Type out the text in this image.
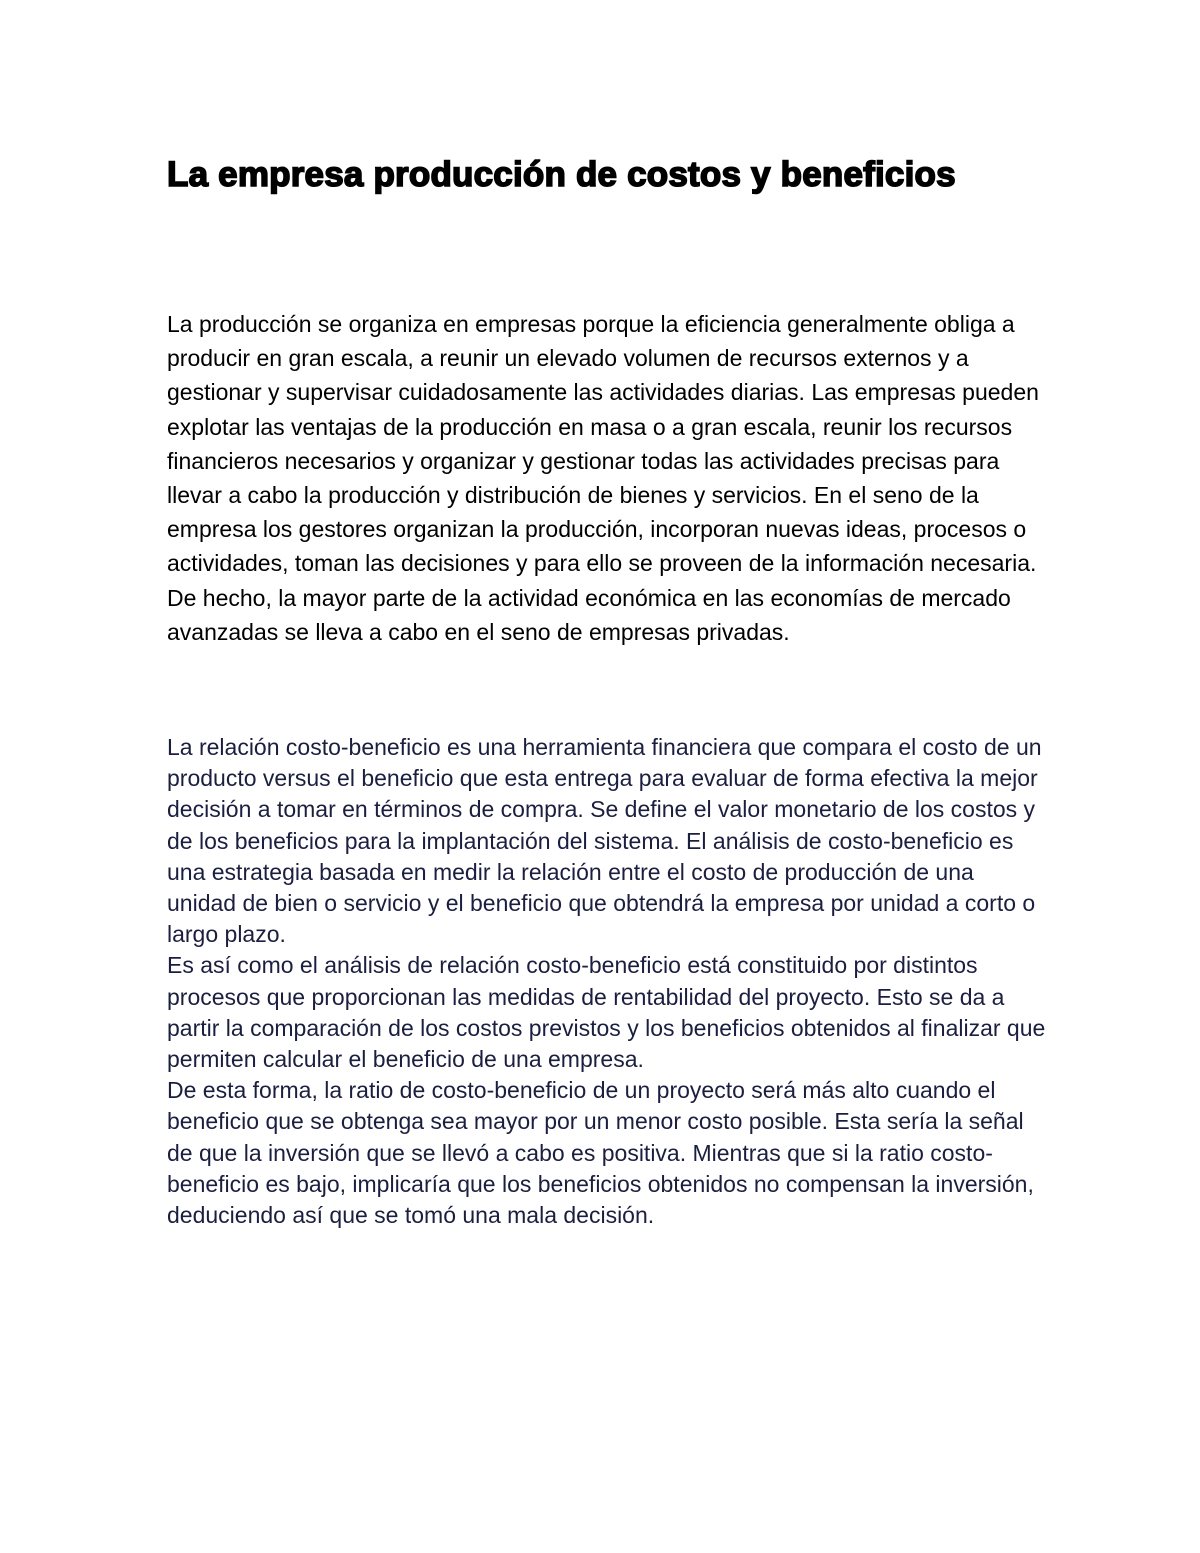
La empresa producción de costos y beneficios

La producción se organiza en empresas porque la eficiencia generalmente obliga a producir en gran escala, a reunir un elevado volumen de recursos externos y a gestionar y supervisar cuidadosamente las actividades diarias. Las empresas pueden explotar las ventajas de la producción en masa o a gran escala, reunir los recursos financieros necesarios y organizar y gestionar todas las actividades precisas para llevar a cabo la producción y distribución de bienes y servicios. En el seno de la empresa los gestores organizan la producción, incorporan nuevas ideas, procesos o actividades, toman las decisiones y para ello se proveen de la información necesaria. De hecho, la mayor parte de la actividad económica en las economías de mercado avanzadas se lleva a cabo en el seno de empresas privadas.

La relación costo-beneficio es una herramienta financiera que compara el costo de un producto versus el beneficio que esta entrega para evaluar de forma efectiva la mejor decisión a tomar en términos de compra. Se define el valor monetario de los costos y de los beneficios para la implantación del sistema. El análisis de costo-beneficio es una estrategia basada en medir la relación entre el costo de producción de una unidad de bien o servicio y el beneficio que obtendrá la empresa por unidad a corto o largo plazo.

Es así como el análisis de relación costo-beneficio está constituido por distintos procesos que proporcionan las medidas de rentabilidad del proyecto. Esto se da a partir la comparación de los costos previstos y los beneficios obtenidos al finalizar que permiten calcular el beneficio de una empresa.

De esta forma, la ratio de costo-beneficio de un proyecto será más alto cuando el beneficio que se obtenga sea mayor por un menor costo posible. Esta sería la señal de que la inversión que se llevó a cabo es positiva. Mientras que si la ratio costo-beneficio es bajo, implicaría que los beneficios obtenidos no compensan la inversión, deduciendo así que se tomó una mala decisión.
